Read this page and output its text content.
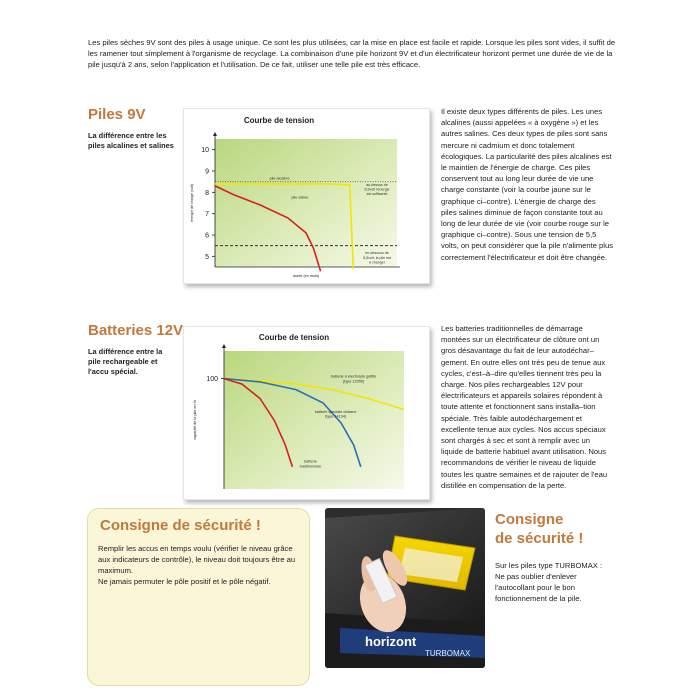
Les piles sèches 9V sont des piles à usage unique. Ce sont les plus utilisées, car la mise en place est facile et rapide. Lorsque les piles sont vides, il suffit de les ramener tout simplement à l'organisme de recyclage. La combinaison d'une pile horizont 9V et d'un électrificateur horizont permet une durée de vie de la pile jusqu'à 2 ans, selon l'application et l'utilisation. De ce fait, utiliser une telle pile est très efficace.
Piles 9V
La différence entre les piles alcalines et salines
Courbe de tension
10
9
8
7
6
5
énergie de charge (volt)
durée (en mois)
pile alcaline
pile saline
au-dessus de 8,5volt l'énergie est suffisante
en-dessous de 5,5volt, la pile est à changer
Il existe deux types différents de piles. Les unes alcalines (aussi appelées « à oxygène ») et les autres salines. Ces deux types de piles sont sans mercure ni cadmium et donc totalement écologiques. La particularité des piles alcalines est le maintien de l'énergie de charge. Ces piles conservent tout au long leur durée de vie une charge constante (voir la courbe jaune sur le graphique ci–contre). L'énergie de charge des piles salines diminue de façon constante tout au long de leur durée de vie (voir courbe rouge sur le graphique ci–contre). Sous une tension de 5,5 volts, on peut considérer que la pile n'alimente plus correctement l'électrificateur et doit être changée.
Batteries 12V
La différence entre la pile rechargeable et l'accu spécial.
Courbe de tension
100
capacité de la pile en %
batterie à électrolyte gélifié (type 12055)
batterie spéciale cliatane (type 14134)
batterie traditionnelle
Les batteries traditionnelles de démarrage montées sur un électrificateur de clôture ont un gros désavantage du fait de leur autodéchar–gement. En outre elles ont très peu de tenue aux cycles, c'est–à–dire qu'elles tiennent très peu la charge. Nos piles rechargeables 12V pour électrificateurs et appareils solaires répondent à toute attente et fonctionnent sans installa–tion spéciale. Très faible autodéchargement et excellente tenue aux cycles. Nos accus spéciaux sont chargés à sec et sont à remplir avec un liquide de batterie habituel avant utilisation. Nous recommandons de vérifier le niveau de liquide toutes les quatre semaines et de rajouter de l'eau distillée en compensation de la perte.
Consigne de sécurité !
Remplir les accus en temps voulu (vérifier le niveau grâce aux indicateurs de contrôle), le niveau doit toujours être au maximum.
Ne jamais permuter le pôle positif et le pôle négatif.
horizont
TURBOMAX
Consigne
de sécurité !
Sur les piles type TURBOMAX :
Ne pas oublier d'enlever l'autocollant pour le bon fonctionnement de la pile.
